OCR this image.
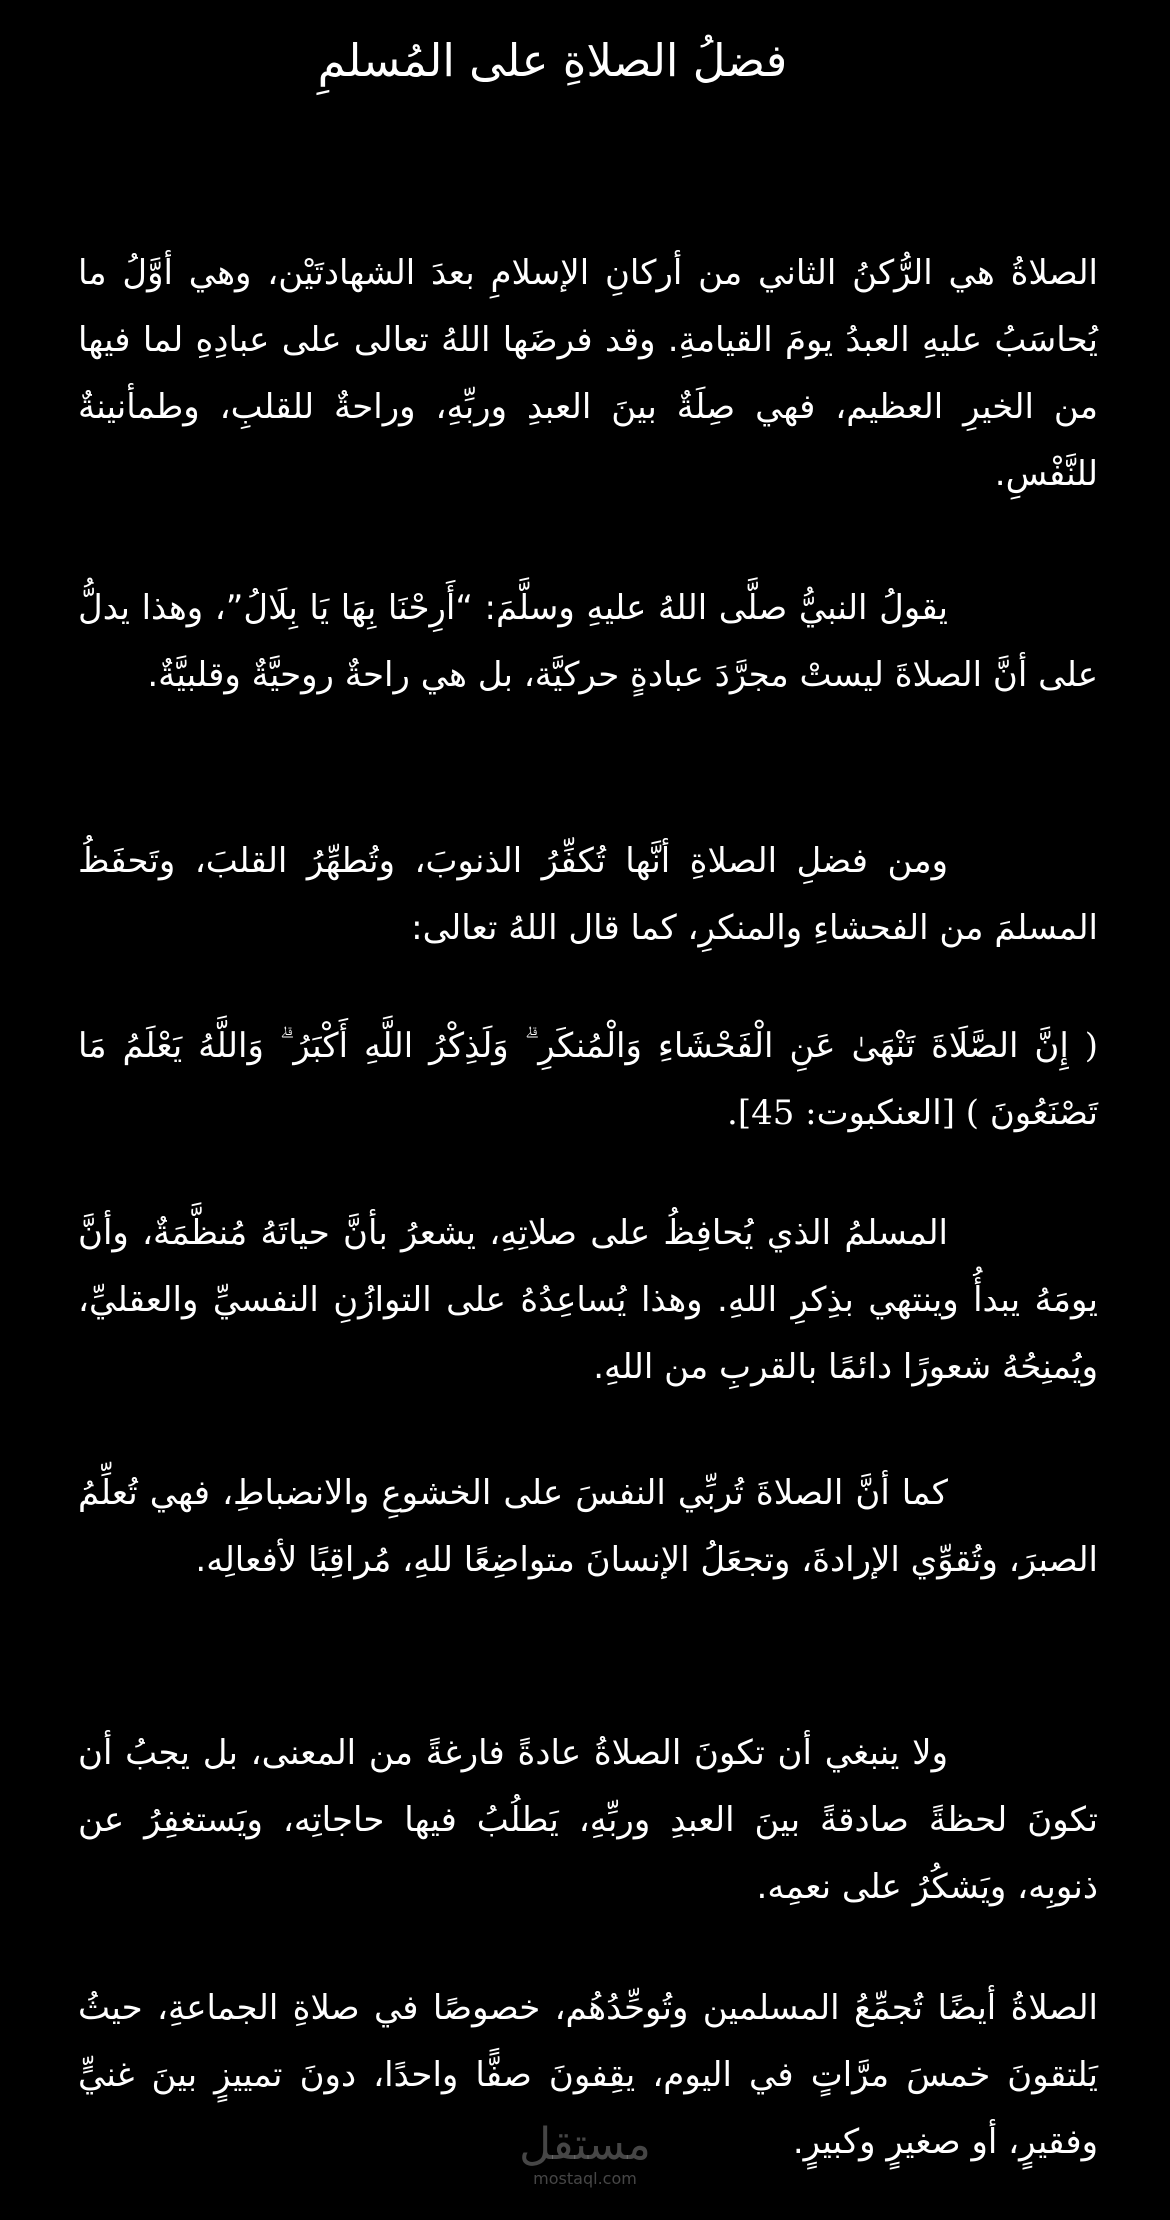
فضلُ الصلاةِ على المُسلمِ

الصلاةُ هي الرُّكنُ الثاني من أركانِ الإسلامِ بعدَ الشهادتَيْن، وهي أوَّلُ ما يُحاسَبُ عليهِ العبدُ يومَ القيامةِ. وقد فرضَها اللهُ تعالى على عبادِهِ لما فيها من الخيرِ العظيم، فهي صِلَةٌ بينَ العبدِ وربِّهِ، وراحةٌ للقلبِ، وطمأنينةٌ للنَّفْسِ.

يقولُ النبيُّ صلَّى اللهُ عليهِ وسلَّمَ: “أَرِحْنَا بِهَا يَا بِلَالُ”، وهذا يدلُّ على أنَّ الصلاةَ ليستْ مجرَّدَ عبادةٍ حركيَّة، بل هي راحةٌ روحيَّةٌ وقلبيَّةٌ.

ومن فضلِ الصلاةِ أنَّها تُكفِّرُ الذنوبَ، وتُطهِّرُ القلبَ، وتَحفَظُ المسلمَ من الفحشاءِ والمنكرِ، كما قال اللهُ تعالى:

( إِنَّ الصَّلَاةَ تَنْهَىٰ عَنِ الْفَحْشَاءِ وَالْمُنكَرِ ۗ وَلَذِكْرُ اللَّهِ أَكْبَرُ ۗ وَاللَّهُ يَعْلَمُ مَا تَصْنَعُونَ ) [العنكبوت: 45].

المسلمُ الذي يُحافِظُ على صلاتِهِ، يشعرُ بأنَّ حياتَهُ مُنظَّمَةٌ، وأنَّ يومَهُ يبدأُ وينتهي بذِكرِ اللهِ. وهذا يُساعِدُهُ على التوازُنِ النفسيِّ والعقليِّ، ويُمنِحُهُ شعورًا دائمًا بالقربِ من اللهِ.

كما أنَّ الصلاةَ تُربِّي النفسَ على الخشوعِ والانضباطِ، فهي تُعلِّمُ الصبرَ، وتُقوِّي الإرادةَ، وتجعَلُ الإنسانَ متواضِعًا للهِ، مُراقِبًا لأفعالِه.

ولا ينبغي أن تكونَ الصلاةُ عادةً فارغةً من المعنى، بل يجبُ أن تكونَ لحظةً صادقةً بينَ العبدِ وربِّهِ، يَطلُبُ فيها حاجاتِه، ويَستغفِرُ عن ذنوبِه، ويَشكُرُ على نعمِه.

الصلاةُ أيضًا تُجمِّعُ المسلمين وتُوحِّدُهُم، خصوصًا في صلاةِ الجماعةِ، حيثُ يَلتقونَ خمسَ مرَّاتٍ في اليوم، يقِفونَ صفًّا واحدًا، دونَ تمييزٍ بينَ غنيٍّ وفقيرٍ، أو صغيرٍ وكبيرٍ.

مستقل
mostaql.com
